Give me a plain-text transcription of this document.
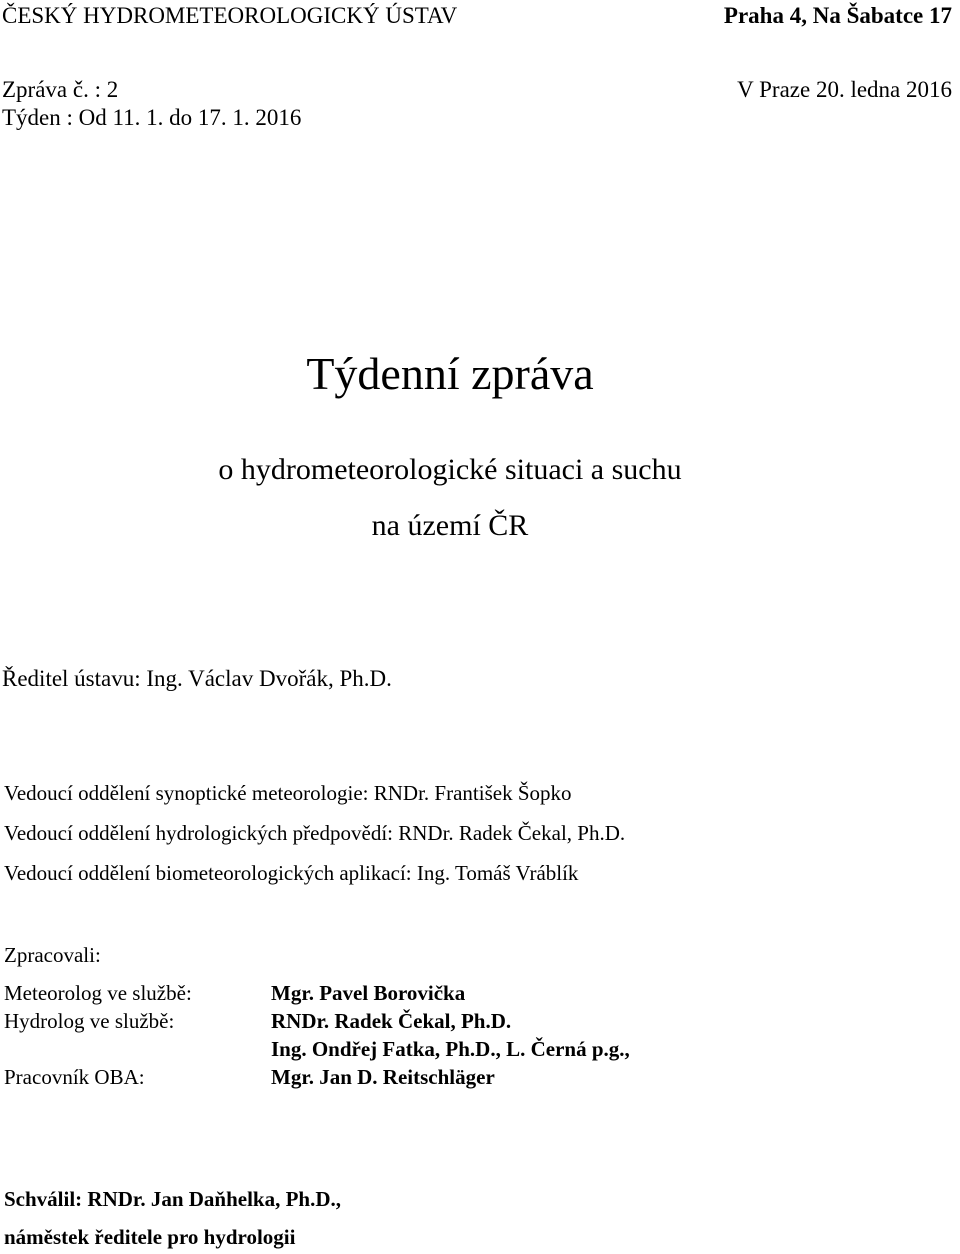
ČESKÝ HYDROMETEOROLOGICKÝ ÚSTAV	Praha 4, Na Šabatce 17
Zpráva č. : 2	V Praze 20. ledna 2016
Týden : Od 11. 1. do 17. 1. 2016
Týdenní zpráva
o hydrometeorologické situaci a suchu
na území ČR
Ředitel ústavu: Ing. Václav Dvořák, Ph.D.
Vedoucí oddělení synoptické meteorologie: RNDr. František Šopko
Vedoucí oddělení hydrologických předpovědí: RNDr. Radek Čekal, Ph.D.
Vedoucí oddělení biometeorologických aplikací: Ing. Tomáš Vráblík
Zpracovali:
Meteorolog ve službě:	Mgr. Pavel Borovička
Hydrolog ve službě:	RNDr. Radek Čekal, Ph.D.
Ing. Ondřej Fatka, Ph.D., L. Černá p.g.,
Pracovník OBA:	Mgr. Jan D. Reitschläger
Schválil: RNDr. Jan Daňhelka, Ph.D.,
náměstek ředitele pro hydrologii
